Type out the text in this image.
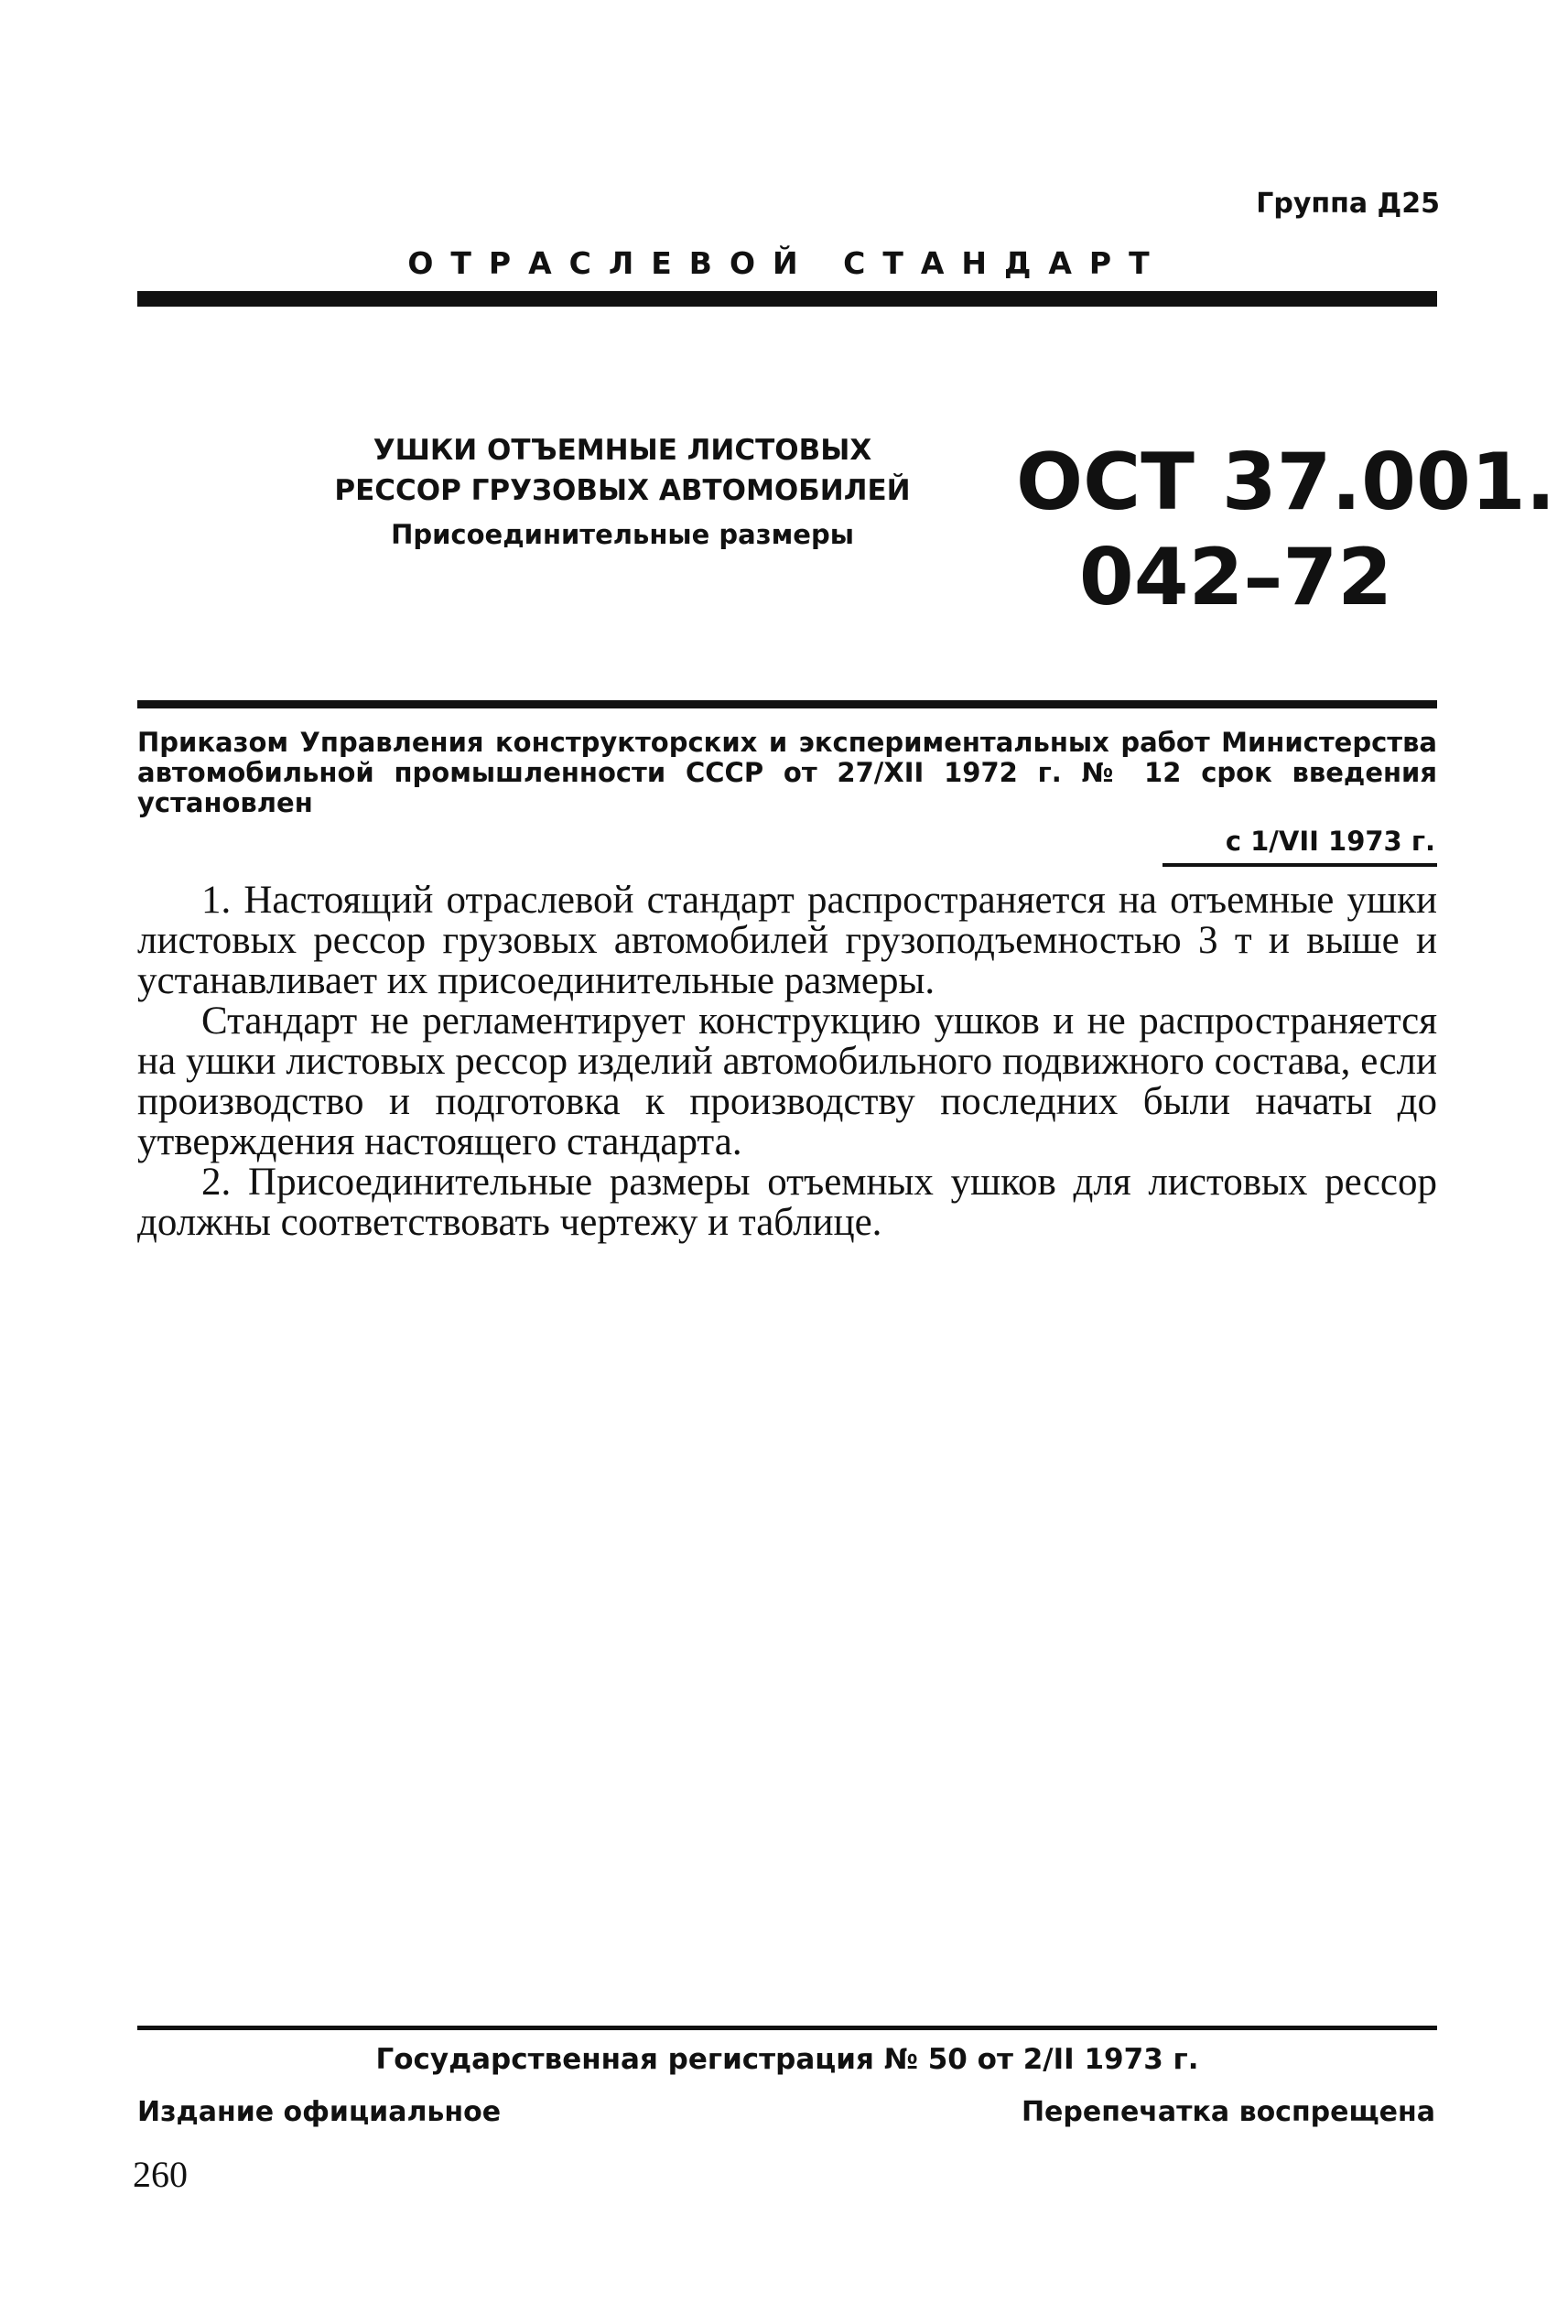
Группа Д25
ОТРАСЛЕВОЙ СТАНДАРТ

УШКИ ОТЪЕМНЫЕ ЛИСТОВЫХ

РЕССОР ГРУЗОВЫХ АВТОМОБИЛЕЙ

Присоединительные размеры

ОСТ 37.001.
042–72
Приказом Управления конструкторских и экспериментальных работ Министерства автомобильной промышленности СССР от 27/XII 1972 г. № 12 срок введения установлен
с 1/VII 1973 г.

1. Настоящий отраслевой стандарт распространяется на отъемные ушки листовых рессор грузовых автомобилей грузоподъемностью 3 т и выше и устанавливает их присоединительные размеры.

Стандарт не регламентирует конструкцию ушков и не распространяется на ушки листовых рессор изделий автомобильного подвижного состава, если производство и подготовка к производству последних были начаты до утверждения настоящего стандарта.

2. Присоединительные размеры отъемных ушков для листовых рессор должны соответствовать чертежу и таблице.

Государственная регистрация № 50 от 2/II 1973 г.
Издание официальное	Перепечатка воспрещена
260
